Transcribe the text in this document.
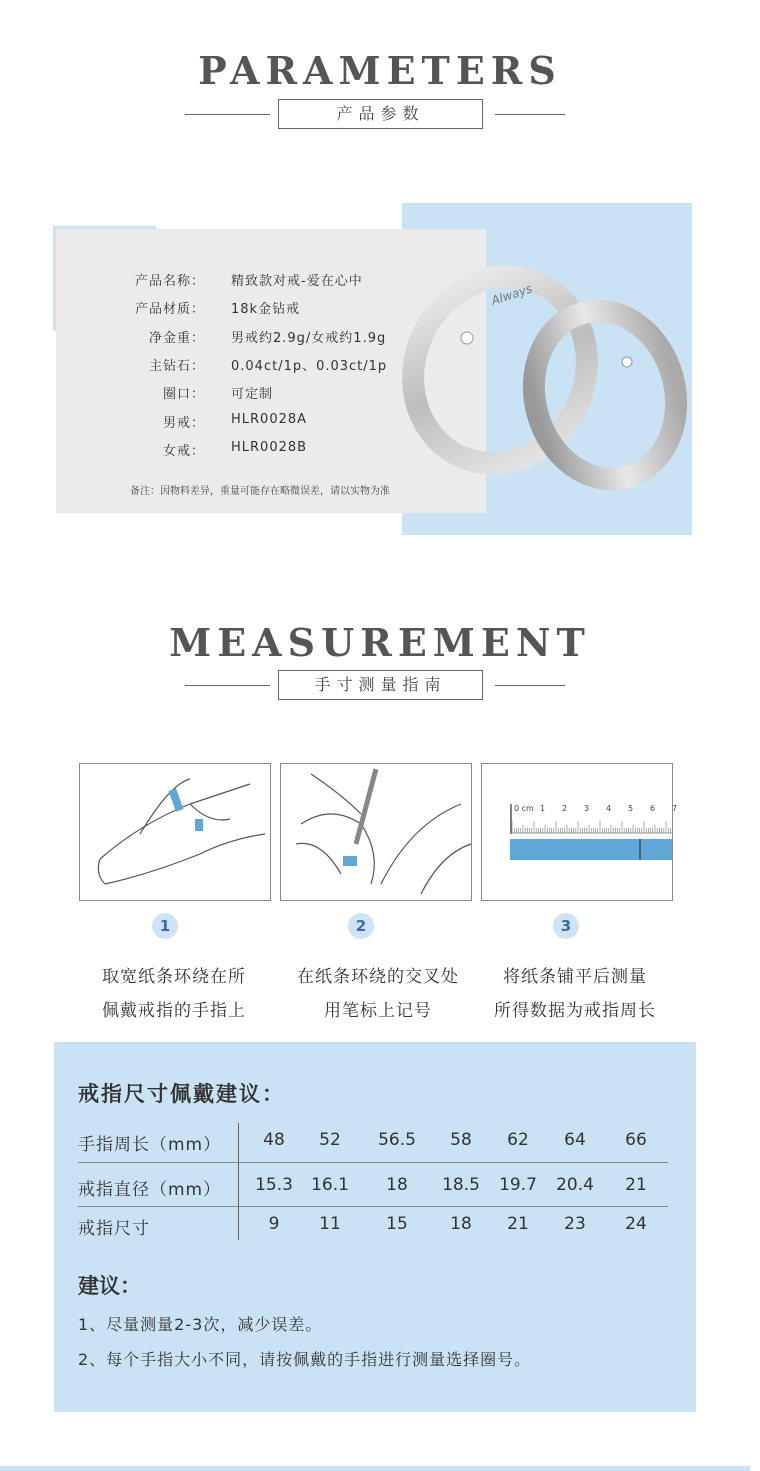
PARAMETERS
产品参数
产品名称： 精致款对戒-爱在心中
产品材质： 18k金钻戒
净金重： 男戒约2.9g/女戒约1.9g
主钻石： 0.04ct/1p、0.03ct/1p
圈口： 可定制
男戒： HLR0028A
女戒： HLR0028B
备注：因物料差异，重量可能存在略微误差，请以实物为准
Always
MEASUREMENT
手寸测量指南
0 cm 1 2 3 4 5 6 7
1	2	3
取宽纸条环绕在所
佩戴戒指的手指上
在纸条环绕的交叉处
用笔标上记号
将纸条铺平后测量
所得数据为戒指周长
戒指尺寸佩戴建议：
手指周长（mm）	48	52	56.5	58	62	64	66
戒指直径（mm）	15.3	16.1	18	18.5	19.7	20.4	21
戒指尺寸	9	11	15	18	21	23	24
建议：
1、尽量测量2-3次，减少误差。
2、每个手指大小不同，请按佩戴的手指进行测量选择圈号。
